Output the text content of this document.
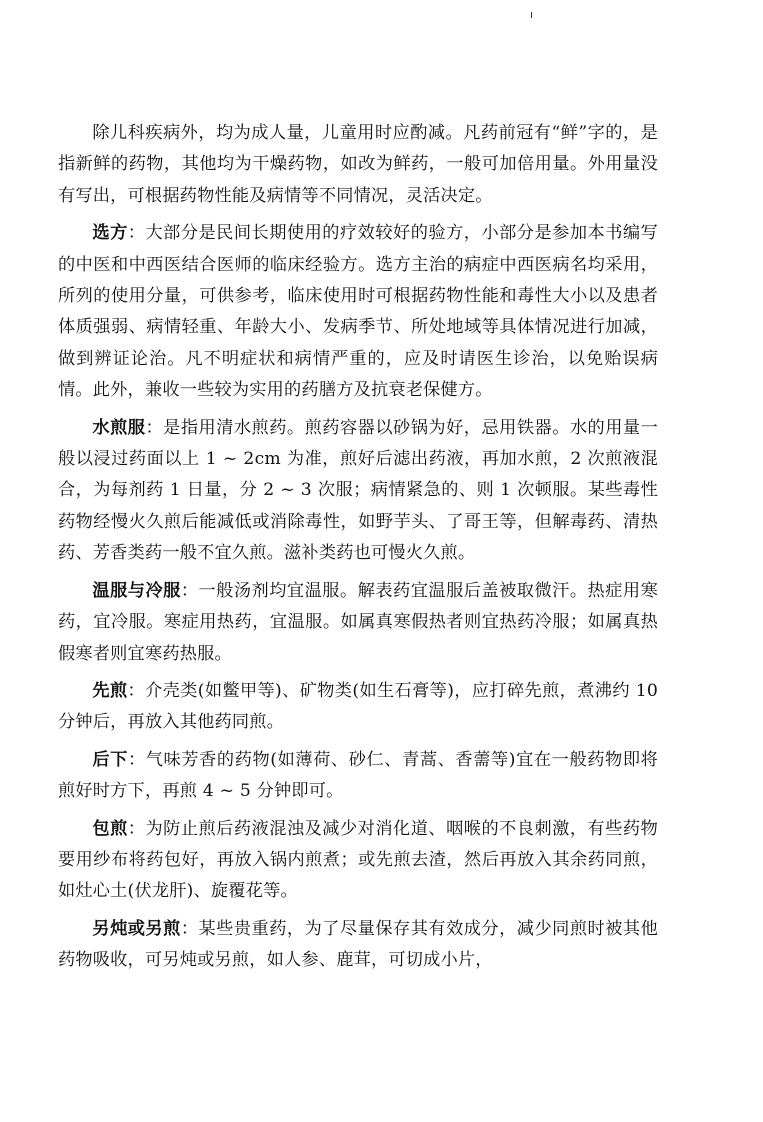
除儿科疾病外，均为成人量，儿童用时应酌减。凡药前冠有“鲜”字的，是指新鲜的药物，其他均为干燥药物，如改为鲜药，一般可加倍用量。外用量没有写出，可根据药物性能及病情等不同情况，灵活决定。

选方：大部分是民间长期使用的疗效较好的验方，小部分是参加本书编写的中医和中西医结合医师的临床经验方。选方主治的病症中西医病名均采用，所列的使用分量，可供参考，临床使用时可根据药物性能和毒性大小以及患者体质强弱、病情轻重、年龄大小、发病季节、所处地域等具体情况进行加减，做到辨证论治。凡不明症状和病情严重的，应及时请医生诊治，以免贻误病情。此外，兼收一些较为实用的药膳方及抗衰老保健方。

水煎服：是指用清水煎药。煎药容器以砂锅为好，忌用铁器。水的用量一般以浸过药面以上 1 ~ 2cm 为准，煎好后滤出药液，再加水煎，2 次煎液混合，为每剂药 1 日量，分 2 ~ 3 次服；病情紧急的、则 1 次顿服。某些毒性药物经慢火久煎后能减低或消除毒性，如野芋头、了哥王等，但解毒药、清热药、芳香类药一般不宜久煎。滋补类药也可慢火久煎。

温服与冷服：一般汤剂均宜温服。解表药宜温服后盖被取微汗。热症用寒药，宜冷服。寒症用热药，宜温服。如属真寒假热者则宜热药冷服；如属真热假寒者则宜寒药热服。

先煎：介壳类(如鳖甲等)、矿物类(如生石膏等)，应打碎先煎，煮沸约 10 分钟后，再放入其他药同煎。

后下：气味芳香的药物(如薄荷、砂仁、青蒿、香薷等)宜在一般药物即将煎好时方下，再煎 4 ~ 5 分钟即可。

包煎：为防止煎后药液混浊及减少对消化道、咽喉的不良刺激，有些药物要用纱布将药包好，再放入锅内煎煮；或先煎去渣，然后再放入其余药同煎，如灶心土(伏龙肝)、旋覆花等。

另炖或另煎：某些贵重药，为了尽量保存其有效成分，减少同煎时被其他药物吸收，可另炖或另煎，如人参、鹿茸，可切成小片，
